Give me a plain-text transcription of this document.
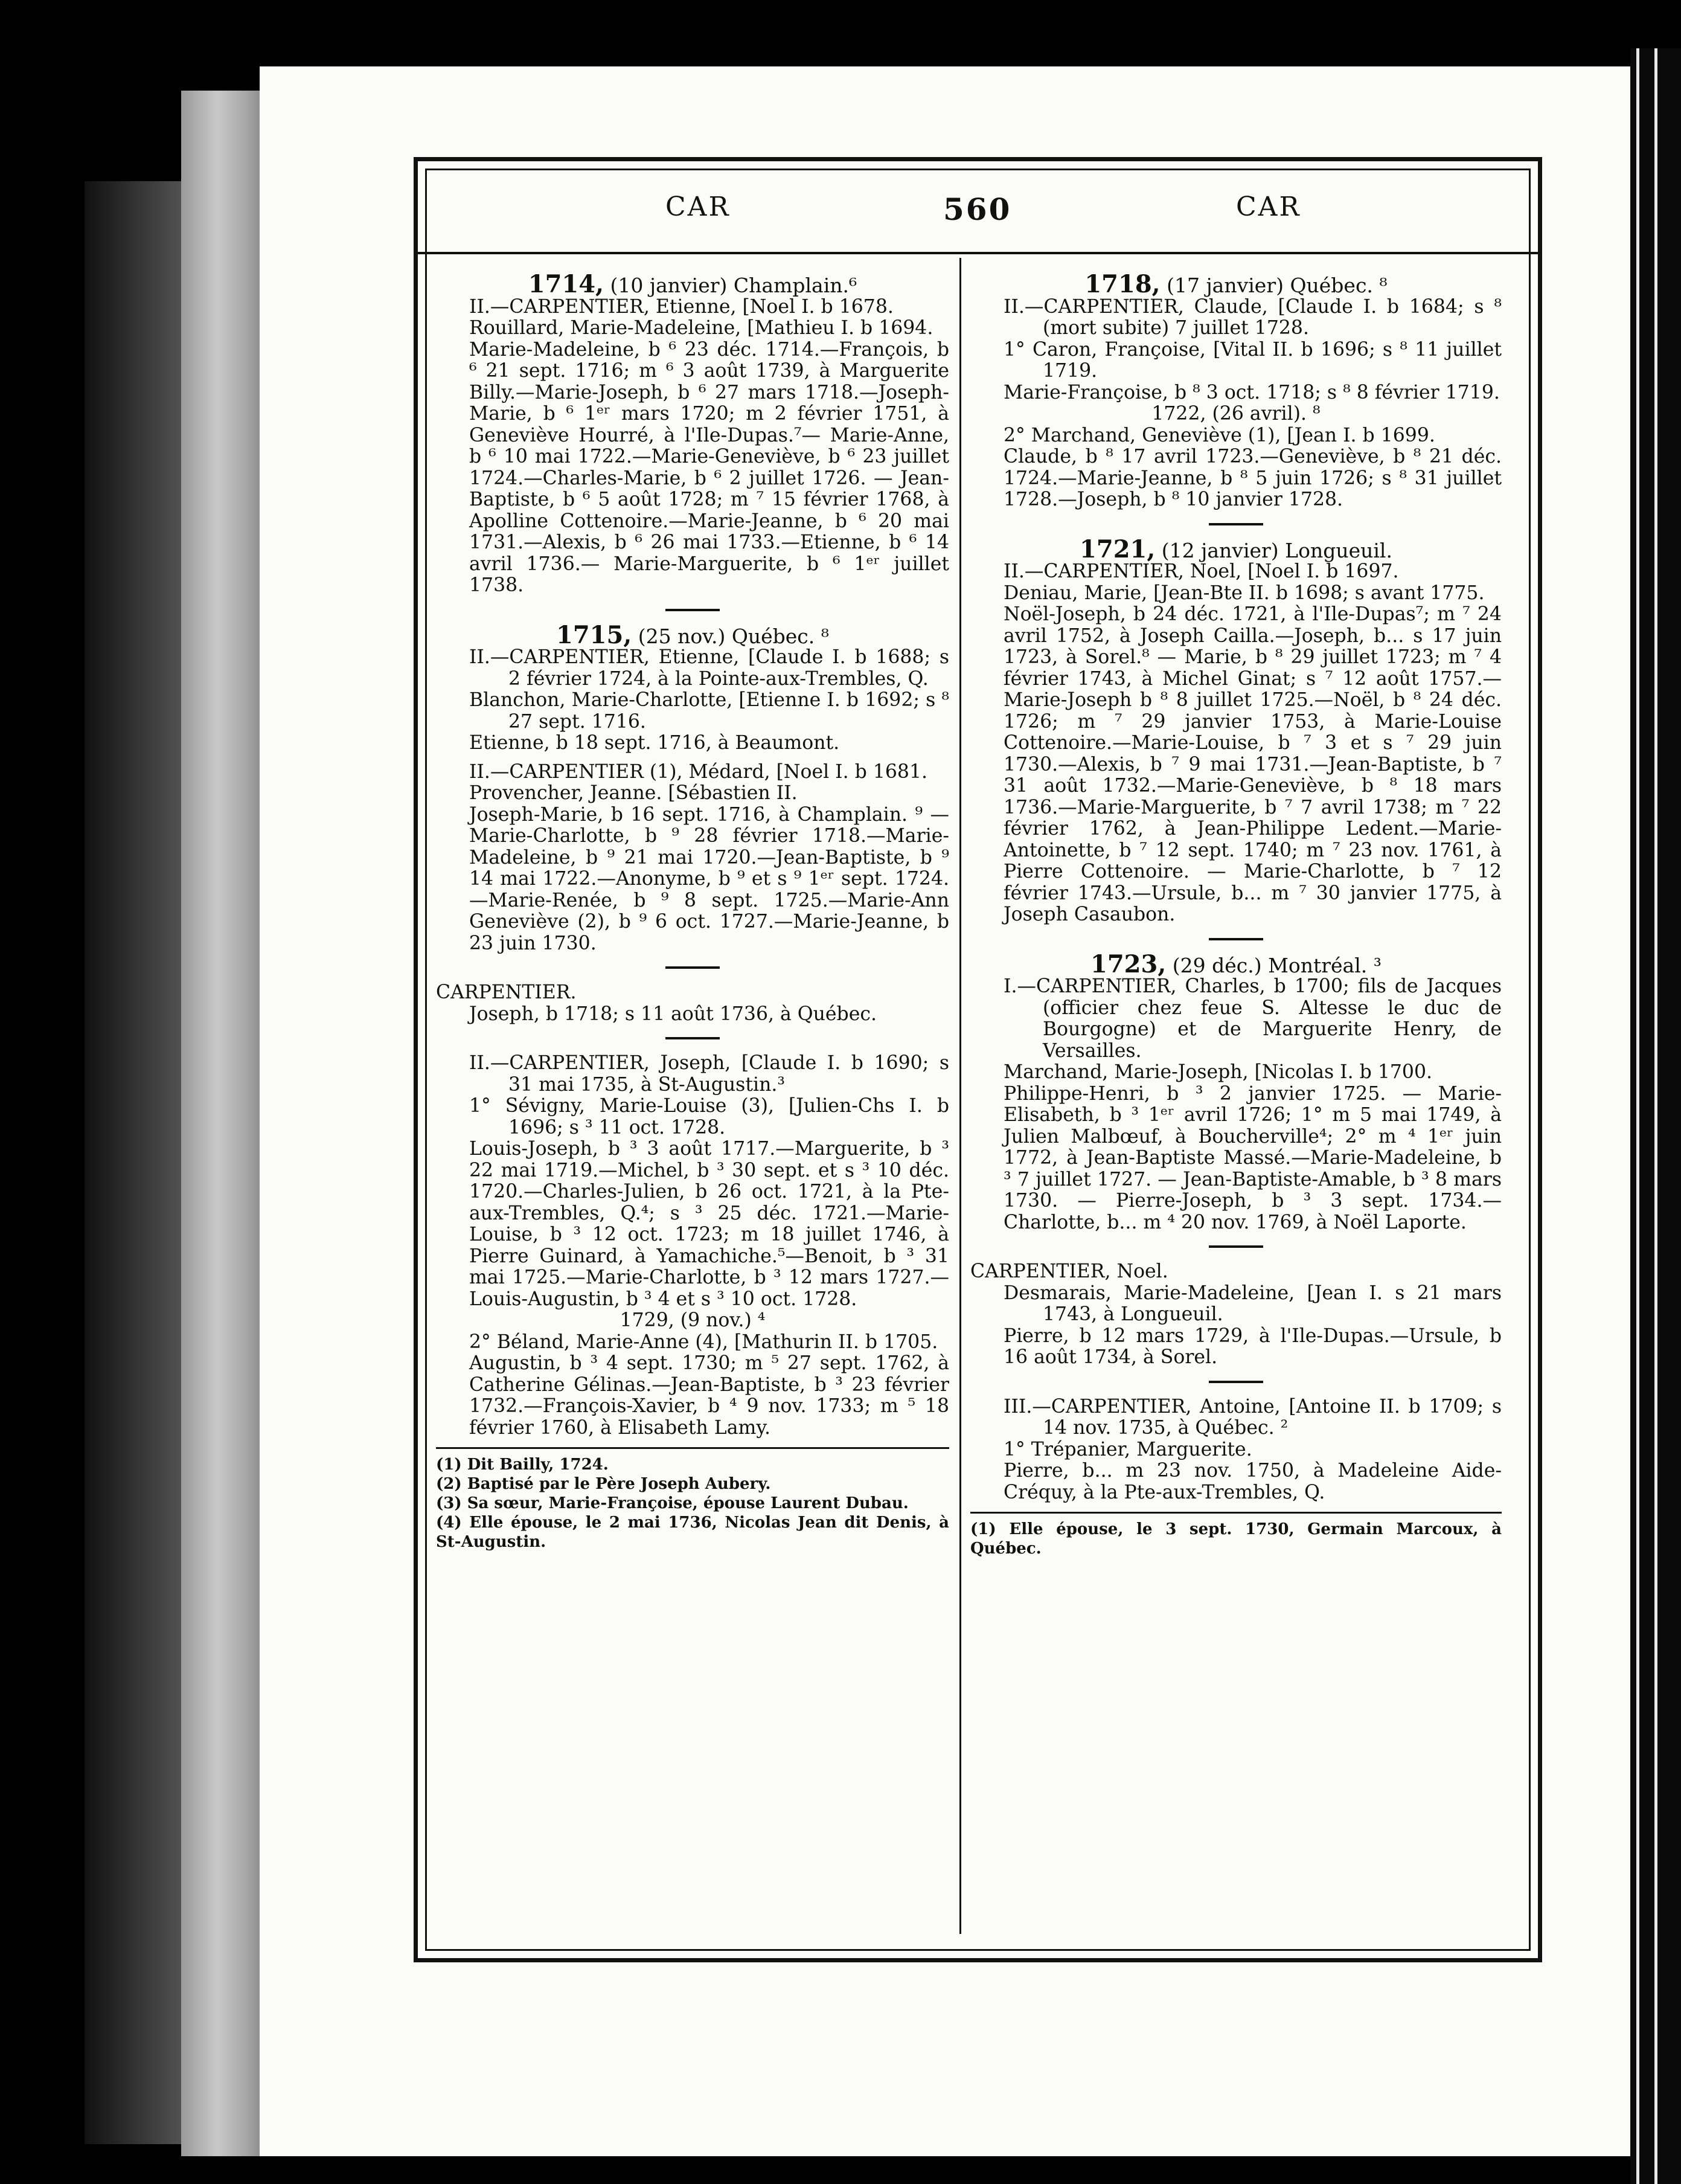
CAR	560	CAR

1714, (10 janvier) Champlain.⁶

II.—CARPENTIER, Etienne, [Noel I. b 1678.

Rouillard, Marie-Madeleine, [Mathieu I. b 1694.

Marie-Madeleine, b ⁶ 23 déc. 1714.—François, b ⁶ 21 sept. 1716; m ⁶ 3 août 1739, à Marguerite Billy.—Marie-Joseph, b ⁶ 27 mars 1718.—Joseph-Marie, b ⁶ 1ᵉʳ mars 1720; m 2 février 1751, à Geneviève Hourré, à l'Ile-Dupas.⁷— Marie-Anne, b ⁶ 10 mai 1722.—Marie-Geneviève, b ⁶ 23 juillet 1724.—Charles-Marie, b ⁶ 2 juillet 1726. — Jean-Baptiste, b ⁶ 5 août 1728; m ⁷ 15 février 1768, à Apolline Cottenoire.—Marie-Jeanne, b ⁶ 20 mai 1731.—Alexis, b ⁶ 26 mai 1733.—Etienne, b ⁶ 14 avril 1736.— Marie-Marguerite, b ⁶ 1ᵉʳ juillet 1738.

1715, (25 nov.) Québec. ⁸

II.—CARPENTIER, Etienne, [Claude I. b 1688; s 2 février 1724, à la Pointe-aux-Trembles, Q.

Blanchon, Marie-Charlotte, [Etienne I. b 1692; s ⁸ 27 sept. 1716.

Etienne, b 18 sept. 1716, à Beaumont.

II.—CARPENTIER (1), Médard, [Noel I. b 1681.

Provencher, Jeanne. [Sébastien II.

Joseph-Marie, b 16 sept. 1716, à Champlain. ⁹ —Marie-Charlotte, b ⁹ 28 février 1718.—Marie-Madeleine, b ⁹ 21 mai 1720.—Jean-Baptiste, b ⁹ 14 mai 1722.—Anonyme, b ⁹ et s ⁹ 1ᵉʳ sept. 1724. —Marie-Renée, b ⁹ 8 sept. 1725.—Marie-Ann Geneviève (2), b ⁹ 6 oct. 1727.—Marie-Jeanne, b 23 juin 1730.

CARPENTIER.

Joseph, b 1718; s 11 août 1736, à Québec.

II.—CARPENTIER, Joseph, [Claude I. b 1690; s 31 mai 1735, à St-Augustin.³

1° Sévigny, Marie-Louise (3), [Julien-Chs I. b 1696; s ³ 11 oct. 1728.

Louis-Joseph, b ³ 3 août 1717.—Marguerite, b ³ 22 mai 1719.—Michel, b ³ 30 sept. et s ³ 10 déc. 1720.—Charles-Julien, b 26 oct. 1721, à la Pte-aux-Trembles, Q.⁴; s ³ 25 déc. 1721.—Marie-Louise, b ³ 12 oct. 1723; m 18 juillet 1746, à Pierre Guinard, à Yamachiche.⁵—Benoit, b ³ 31 mai 1725.—Marie-Charlotte, b ³ 12 mars 1727.—Louis-Augustin, b ³ 4 et s ³ 10 oct. 1728.

1729, (9 nov.) ⁴

2° Béland, Marie-Anne (4), [Mathurin II. b 1705.

Augustin, b ³ 4 sept. 1730; m ⁵ 27 sept. 1762, à Catherine Gélinas.—Jean-Baptiste, b ³ 23 février 1732.—François-Xavier, b ⁴ 9 nov. 1733; m ⁵ 18 février 1760, à Elisabeth Lamy.

(1) Dit Bailly, 1724.

(2) Baptisé par le Père Joseph Aubery.

(3) Sa sœur, Marie-Françoise, épouse Laurent Dubau.

(4) Elle épouse, le 2 mai 1736, Nicolas Jean dit Denis, à St-Augustin.

1718, (17 janvier) Québec. ⁸

II.—CARPENTIER, Claude, [Claude I. b 1684; s ⁸ (mort subite) 7 juillet 1728.

1° Caron, Françoise, [Vital II. b 1696; s ⁸ 11 juillet 1719.

Marie-Françoise, b ⁸ 3 oct. 1718; s ⁸ 8 février 1719.

1722, (26 avril). ⁸

2° Marchand, Geneviève (1), [Jean I. b 1699.

Claude, b ⁸ 17 avril 1723.—Geneviève, b ⁸ 21 déc. 1724.—Marie-Jeanne, b ⁸ 5 juin 1726; s ⁸ 31 juillet 1728.—Joseph, b ⁸ 10 janvier 1728.

1721, (12 janvier) Longueuil.

II.—CARPENTIER, Noel, [Noel I. b 1697.

Deniau, Marie, [Jean-Bte II. b 1698; s avant 1775.

Noël-Joseph, b 24 déc. 1721, à l'Ile-Dupas⁷; m ⁷ 24 avril 1752, à Joseph Cailla.—Joseph, b... s 17 juin 1723, à Sorel.⁸ — Marie, b ⁸ 29 juillet 1723; m ⁷ 4 février 1743, à Michel Ginat; s ⁷ 12 août 1757.—Marie-Joseph b ⁸ 8 juillet 1725.—Noël, b ⁸ 24 déc. 1726; m ⁷ 29 janvier 1753, à Marie-Louise Cottenoire.—Marie-Louise, b ⁷ 3 et s ⁷ 29 juin 1730.—Alexis, b ⁷ 9 mai 1731.—Jean-Baptiste, b ⁷ 31 août 1732.—Marie-Geneviève, b ⁸ 18 mars 1736.—Marie-Marguerite, b ⁷ 7 avril 1738; m ⁷ 22 février 1762, à Jean-Philippe Ledent.—Marie-Antoinette, b ⁷ 12 sept. 1740; m ⁷ 23 nov. 1761, à Pierre Cottenoire. — Marie-Charlotte, b ⁷ 12 février 1743.—Ursule, b... m ⁷ 30 janvier 1775, à Joseph Casaubon.

1723, (29 déc.) Montréal. ³

I.—CARPENTIER, Charles, b 1700; fils de Jacques (officier chez feue S. Altesse le duc de Bourgogne) et de Marguerite Henry, de Versailles.

Marchand, Marie-Joseph, [Nicolas I. b 1700.

Philippe-Henri, b ³ 2 janvier 1725. — Marie-Elisabeth, b ³ 1ᵉʳ avril 1726; 1° m 5 mai 1749, à Julien Malbœuf, à Boucherville⁴; 2° m ⁴ 1ᵉʳ juin 1772, à Jean-Baptiste Massé.—Marie-Madeleine, b ³ 7 juillet 1727. — Jean-Baptiste-Amable, b ³ 8 mars 1730. — Pierre-Joseph, b ³ 3 sept. 1734.—Charlotte, b... m ⁴ 20 nov. 1769, à Noël Laporte.

CARPENTIER, Noel.

Desmarais, Marie-Madeleine, [Jean I. s 21 mars 1743, à Longueuil.

Pierre, b 12 mars 1729, à l'Ile-Dupas.—Ursule, b 16 août 1734, à Sorel.

III.—CARPENTIER, Antoine, [Antoine II. b 1709; s 14 nov. 1735, à Québec. ²

1° Trépanier, Marguerite.

Pierre, b... m 23 nov. 1750, à Madeleine Aide-Créquy, à la Pte-aux-Trembles, Q.

(1) Elle épouse, le 3 sept. 1730, Germain Marcoux, à Québec.
